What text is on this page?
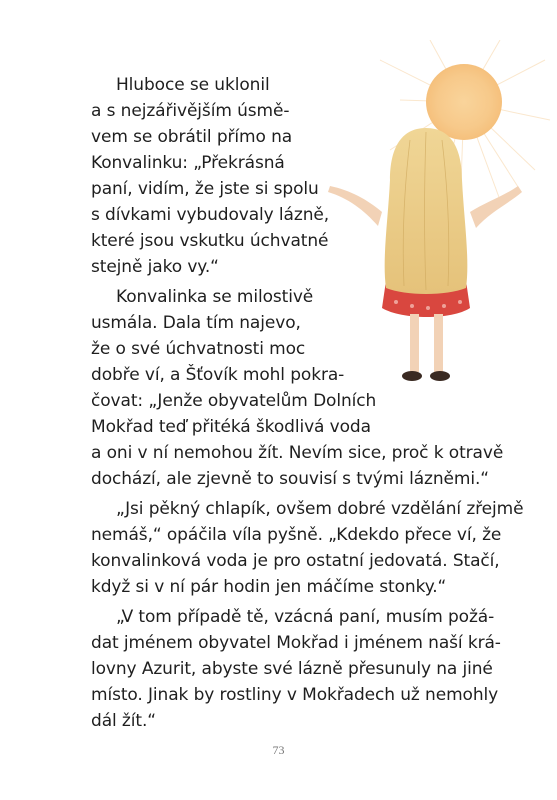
Hluboce se uklonil
a s nejzářivějším úsmě-
vem se obrátil přímo na
Konvalinku: „Překrásná
paní, vidím, že jste si spolu
s dívkami vybudovaly lázně,
které jsou vskutku úchvatné
stejně jako vy.“
Konvalinka se milostivě
usmála. Dala tím najevo,
že o své úchvatnosti moc
dobře ví, a Šťovík mohl pokra-
čovat: „Jenže obyvatelům Dolních
Mokřad teď přitéká škodlivá voda
a oni v ní nemohou žít. Nevím sice, proč k otravě
dochází, ale zjevně to souvisí s tvými lázněmi.“
„Jsi pěkný chlapík, ovšem dobré vzdělání zřejmě
nemáš,“ opáčila víla pyšně. „Kdekdo přece ví, že
konvalinková voda je pro ostatní jedovatá. Stačí,
když si v ní pár hodin jen máčíme stonky.“
„V tom případě tě, vzácná paní, musím požá-
dat jménem obyvatel Mokřad i jménem naší krá-
lovny Azurit, abyste své lázně přesunuly na jiné
místo. Jinak by rostliny v Mokřadech už nemohly
dál žít.“
73
